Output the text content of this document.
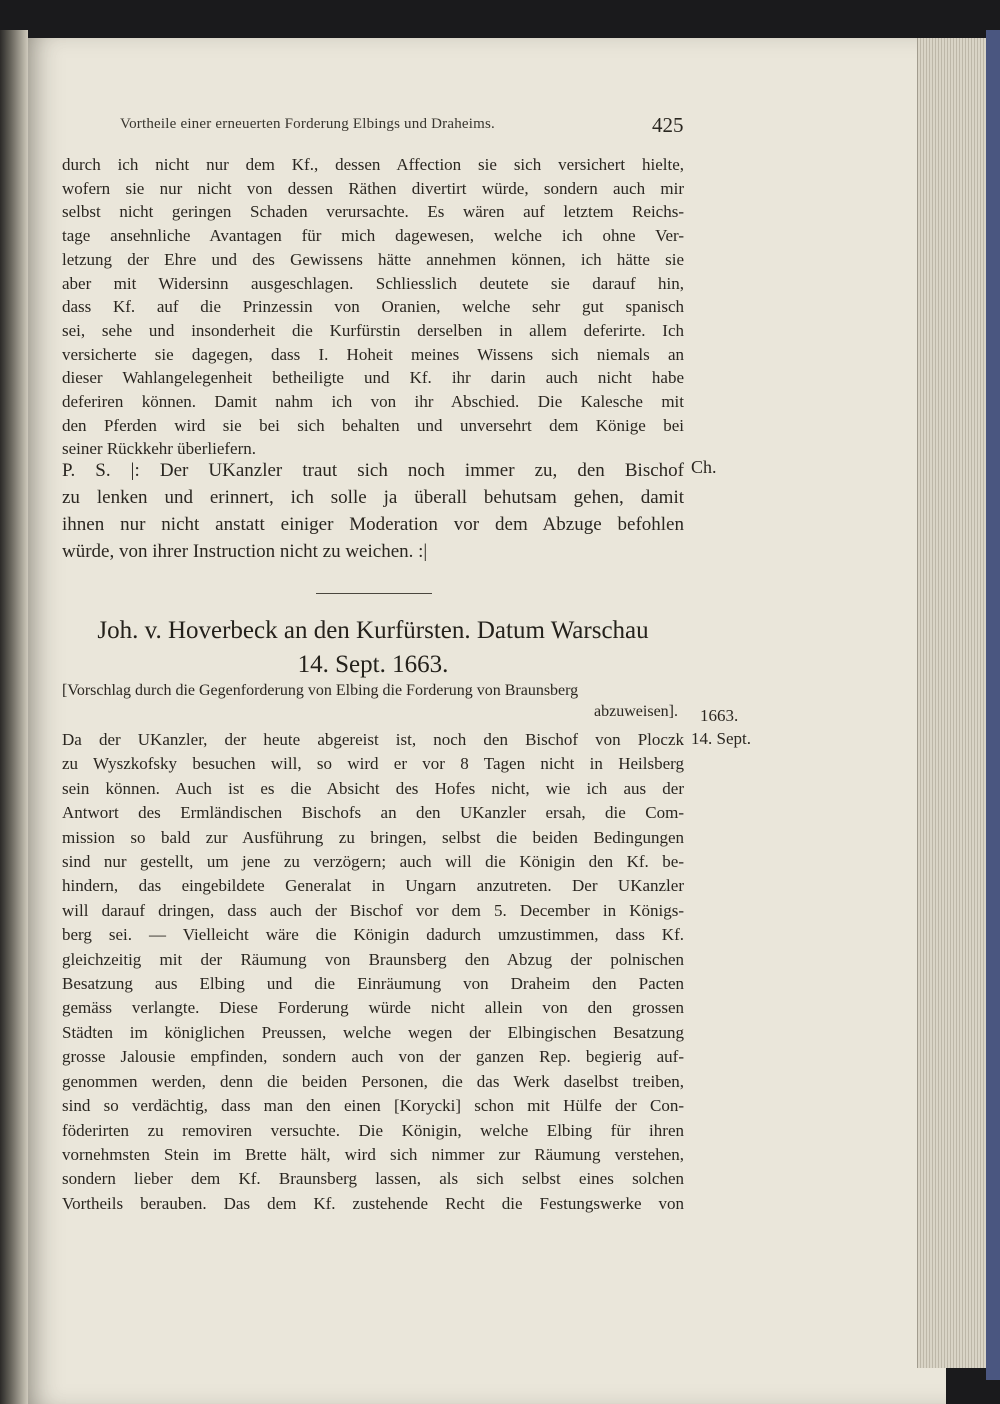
Vortheile einer erneuerten Forderung Elbings und Draheims.	425
durch ich nicht nur dem Kf., dessen Affection sie sich versichert hielte,
wofern sie nur nicht von dessen Räthen divertirt würde, sondern auch mir
selbst nicht geringen Schaden verursachte. Es wären auf letztem Reichs-
tage ansehnliche Avantagen für mich dagewesen, welche ich ohne Ver-
letzung der Ehre und des Gewissens hätte annehmen können, ich hätte sie
aber mit Widersinn ausgeschlagen. Schliesslich deutete sie darauf hin,
dass Kf. auf die Prinzessin von Oranien, welche sehr gut spanisch
sei, sehe und insonderheit die Kurfürstin derselben in allem deferirte. Ich
versicherte sie dagegen, dass I. Hoheit meines Wissens sich niemals an
dieser Wahlangelegenheit betheiligte und Kf. ihr darin auch nicht habe
deferiren können. Damit nahm ich von ihr Abschied. Die Kalesche mit
den Pferden wird sie bei sich behalten und unversehrt dem Könige bei
seiner Rückkehr überliefern.
P. S. |: Der UKanzler traut sich noch immer zu, den Bischof
zu lenken und erinnert, ich solle ja überall behutsam gehen, damit
ihnen nur nicht anstatt einiger Moderation vor dem Abzuge befohlen
würde, von ihrer Instruction nicht zu weichen. :|
Ch.
Joh. v. Hoverbeck an den Kurfürsten. Datum Warschau
14. Sept. 1663.
[Vorschlag durch die Gegenforderung von Elbing die Forderung von Braunsberg
abzuweisen].	1663.
14. Sept.
Da der UKanzler, der heute abgereist ist, noch den Bischof von Ploczk
zu Wyszkofsky besuchen will, so wird er vor 8 Tagen nicht in Heilsberg
sein können. Auch ist es die Absicht des Hofes nicht, wie ich aus der
Antwort des Ermländischen Bischofs an den UKanzler ersah, die Com-
mission so bald zur Ausführung zu bringen, selbst die beiden Bedingungen
sind nur gestellt, um jene zu verzögern; auch will die Königin den Kf. be-
hindern, das eingebildete Generalat in Ungarn anzutreten. Der UKanzler
will darauf dringen, dass auch der Bischof vor dem 5. December in Königs-
berg sei. — Vielleicht wäre die Königin dadurch umzustimmen, dass Kf.
gleichzeitig mit der Räumung von Braunsberg den Abzug der polnischen
Besatzung aus Elbing und die Einräumung von Draheim den Pacten
gemäss verlangte. Diese Forderung würde nicht allein von den grossen
Städten im königlichen Preussen, welche wegen der Elbingischen Besatzung
grosse Jalousie empfinden, sondern auch von der ganzen Rep. begierig auf-
genommen werden, denn die beiden Personen, die das Werk daselbst treiben,
sind so verdächtig, dass man den einen [Korycki] schon mit Hülfe der Con-
föderirten zu removiren versuchte. Die Königin, welche Elbing für ihren
vornehmsten Stein im Brette hält, wird sich nimmer zur Räumung verstehen,
sondern lieber dem Kf. Braunsberg lassen, als sich selbst eines solchen
Vortheils berauben. Das dem Kf. zustehende Recht die Festungswerke von
